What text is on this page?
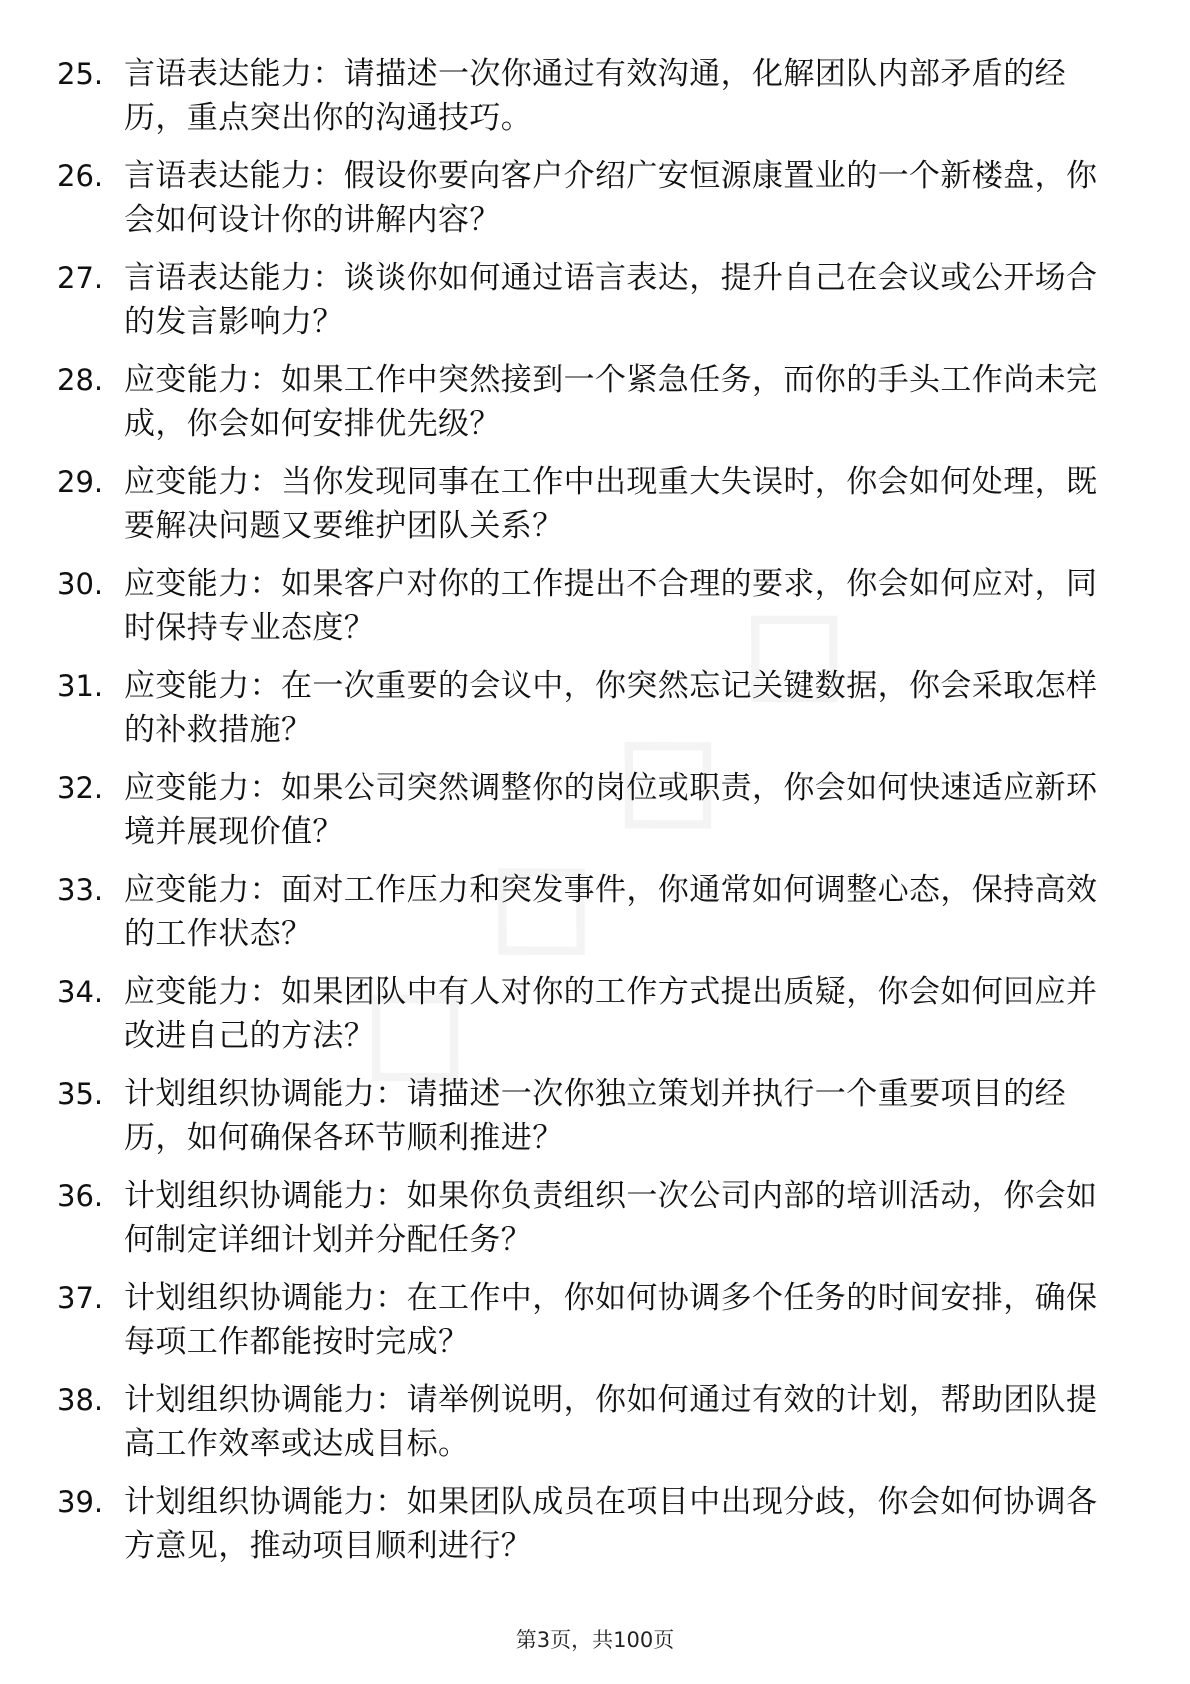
25. 言语表达能力：请描述一次你通过有效沟通，化解团队内部矛盾的经历，重点突出你的沟通技巧。
26. 言语表达能力：假设你要向客户介绍广安恒源康置业的一个新楼盘，你会如何设计你的讲解内容？
27. 言语表达能力：谈谈你如何通过语言表达，提升自己在会议或公开场合的发言影响力？
28. 应变能力：如果工作中突然接到一个紧急任务，而你的手头工作尚未完成，你会如何安排优先级？
29. 应变能力：当你发现同事在工作中出现重大失误时，你会如何处理，既要解决问题又要维护团队关系？
30. 应变能力：如果客户对你的工作提出不合理的要求，你会如何应对，同时保持专业态度？
31. 应变能力：在一次重要的会议中，你突然忘记关键数据，你会采取怎样的补救措施？
32. 应变能力：如果公司突然调整你的岗位或职责，你会如何快速适应新环境并展现价值？
33. 应变能力：面对工作压力和突发事件，你通常如何调整心态，保持高效的工作状态？
34. 应变能力：如果团队中有人对你的工作方式提出质疑，你会如何回应并改进自己的方法？
35. 计划组织协调能力：请描述一次你独立策划并执行一个重要项目的经历，如何确保各环节顺利推进？
36. 计划组织协调能力：如果你负责组织一次公司内部的培训活动，你会如何制定详细计划并分配任务？
37. 计划组织协调能力：在工作中，你如何协调多个任务的时间安排，确保每项工作都能按时完成？
38. 计划组织协调能力：请举例说明，你如何通过有效的计划，帮助团队提高工作效率或达成目标。
39. 计划组织协调能力：如果团队成员在项目中出现分歧，你会如何协调各方意见，推动项目顺利进行？
第3页，共100页
